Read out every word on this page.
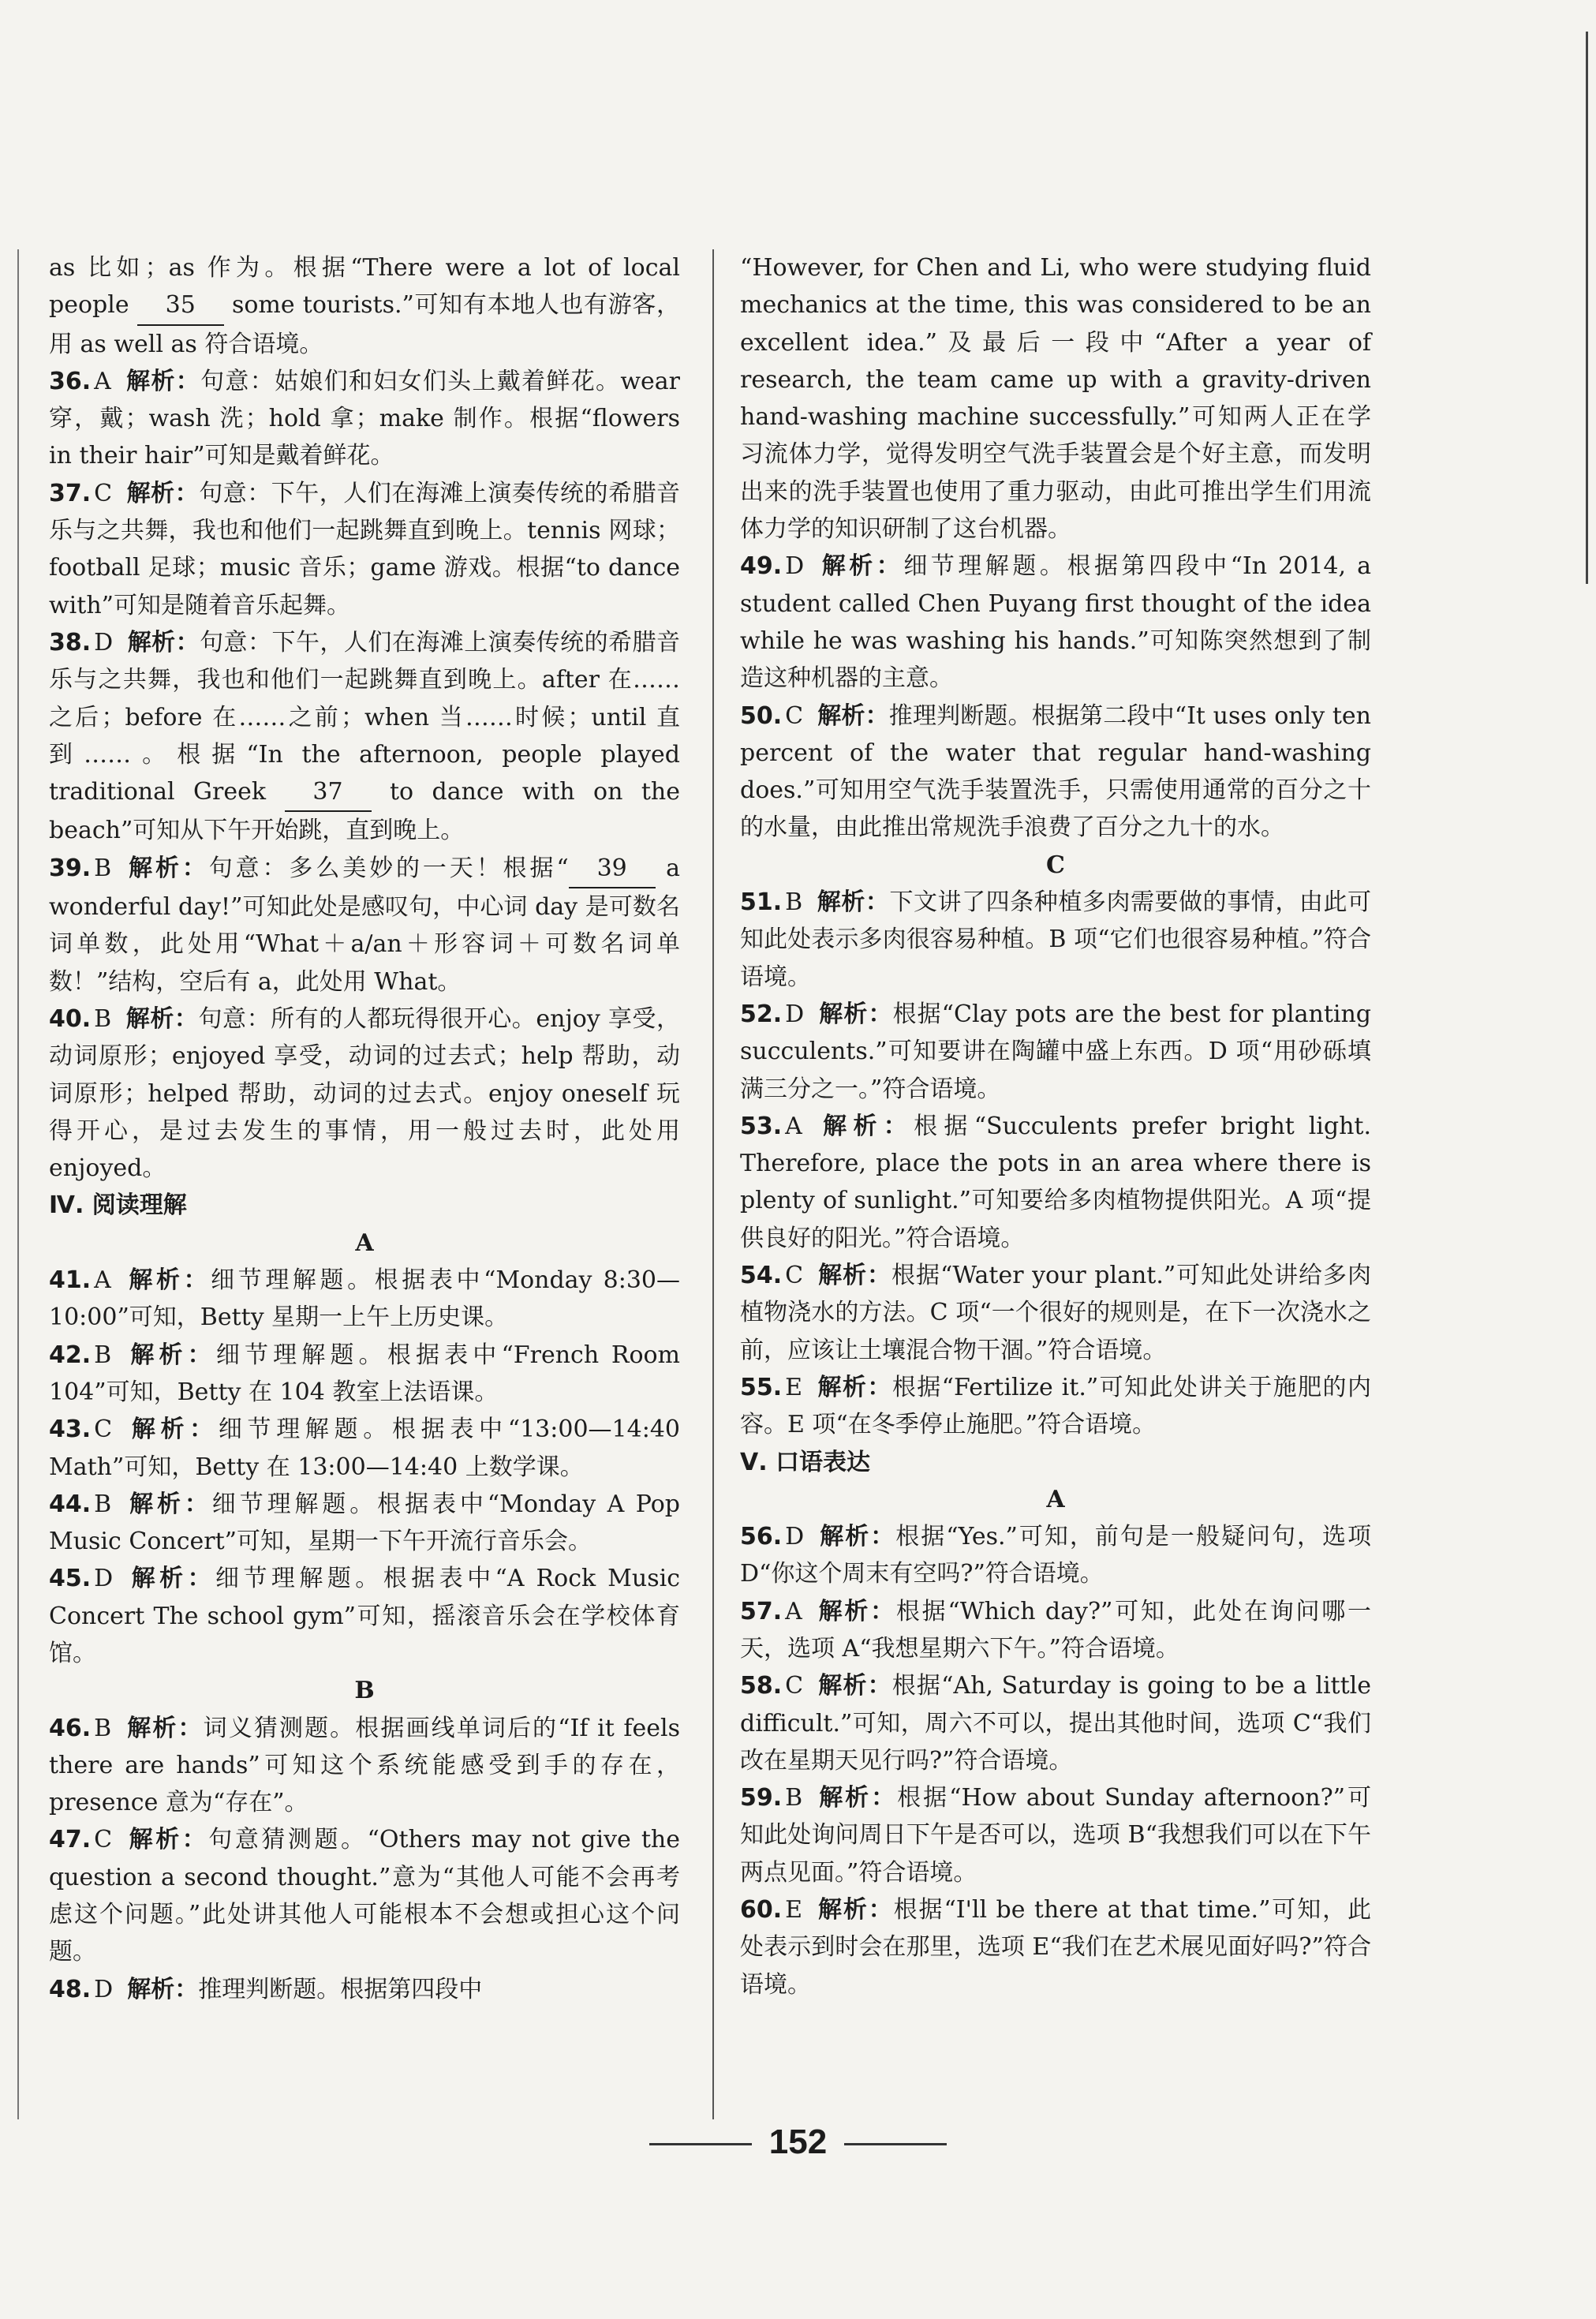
as 比如；as 作为。根据“There were a lot of local people 35 some tourists.”可知有本地人也有游客，用 as well as 符合语境。

36. A 解析：句意：姑娘们和妇女们头上戴着鲜花。wear 穿，戴；wash 洗；hold 拿；make 制作。根据“flowers in their hair”可知是戴着鲜花。

37. C 解析：句意：下午，人们在海滩上演奏传统的希腊音乐与之共舞，我也和他们一起跳舞直到晚上。tennis 网球；football 足球；music 音乐；game 游戏。根据“to dance with”可知是随着音乐起舞。

38. D 解析：句意：下午，人们在海滩上演奏传统的希腊音乐与之共舞，我也和他们一起跳舞直到晚上。after 在……之后；before 在……之前；when 当……时候；until 直到……。根据“In the afternoon, people played traditional Greek 37 to dance with on the beach”可知从下午开始跳，直到晚上。

39. B 解析：句意：多么美妙的一天！根据“ 39 a wonderful day!”可知此处是感叹句，中心词 day 是可数名词单数，此处用“What＋a/an＋形容词＋可数名词单数！”结构，空后有 a，此处用 What。

40. B 解析：句意：所有的人都玩得很开心。enjoy 享受，动词原形；enjoyed 享受，动词的过去式；help 帮助，动词原形；helped 帮助，动词的过去式。enjoy oneself 玩得开心，是过去发生的事情，用一般过去时，此处用 enjoyed。

Ⅳ. 阅读理解

A

41. A 解析：细节理解题。根据表中“Monday 8:30—10:00”可知，Betty 星期一上午上历史课。

42. B 解析：细节理解题。根据表中“French Room 104”可知，Betty 在 104 教室上法语课。

43. C 解析：细节理解题。根据表中“13:00—14:40 Math”可知，Betty 在 13:00—14:40 上数学课。

44. B 解析：细节理解题。根据表中“Monday A Pop Music Concert”可知，星期一下午开流行音乐会。

45. D 解析：细节理解题。根据表中“A Rock Music Concert The school gym”可知，摇滚音乐会在学校体育馆。

B

46. B 解析：词义猜测题。根据画线单词后的“If it feels there are hands”可知这个系统能感受到手的存在，presence 意为“存在”。

47. C 解析：句意猜测题。“Others may not give the question a second thought.”意为“其他人可能不会再考虑这个问题。”此处讲其他人可能根本不会想或担心这个问题。

48. D 解析：推理判断题。根据第四段中

“However, for Chen and Li, who were studying fluid mechanics at the time, this was considered to be an excellent idea.”及最后一段中“After a year of research, the team came up with a gravity-driven hand-washing machine successfully.”可知两人正在学习流体力学，觉得发明空气洗手装置会是个好主意，而发明出来的洗手装置也使用了重力驱动，由此可推出学生们用流体力学的知识研制了这台机器。

49. D 解析：细节理解题。根据第四段中“In 2014, a student called Chen Puyang first thought of the idea while he was washing his hands.”可知陈突然想到了制造这种机器的主意。

50. C 解析：推理判断题。根据第二段中“It uses only ten percent of the water that regular hand-washing does.”可知用空气洗手装置洗手，只需使用通常的百分之十的水量，由此推出常规洗手浪费了百分之九十的水。

C

51. B 解析：下文讲了四条种植多肉需要做的事情，由此可知此处表示多肉很容易种植。B 项“它们也很容易种植。”符合语境。

52. D 解析：根据“Clay pots are the best for planting succulents.”可知要讲在陶罐中盛上东西。D 项“用砂砾填满三分之一。”符合语境。

53. A 解析：根据“Succulents prefer bright light. Therefore, place the pots in an area where there is plenty of sunlight.”可知要给多肉植物提供阳光。A 项“提供良好的阳光。”符合语境。

54. C 解析：根据“Water your plant.”可知此处讲给多肉植物浇水的方法。C 项“一个很好的规则是，在下一次浇水之前，应该让土壤混合物干涸。”符合语境。

55. E 解析：根据“Fertilize it.”可知此处讲关于施肥的内容。E 项“在冬季停止施肥。”符合语境。

Ⅴ. 口语表达

A

56. D 解析：根据“Yes.”可知，前句是一般疑问句，选项 D“你这个周末有空吗?”符合语境。

57. A 解析：根据“Which day?”可知，此处在询问哪一天，选项 A“我想星期六下午。”符合语境。

58. C 解析：根据“Ah, Saturday is going to be a little difficult.”可知，周六不可以，提出其他时间，选项 C“我们改在星期天见行吗?”符合语境。

59. B 解析：根据“How about Sunday afternoon?”可知此处询问周日下午是否可以，选项 B“我想我们可以在下午两点见面。”符合语境。

60. E 解析：根据“I'll be there at that time.”可知，此处表示到时会在那里，选项 E“我们在艺术展见面好吗?”符合语境。

152
